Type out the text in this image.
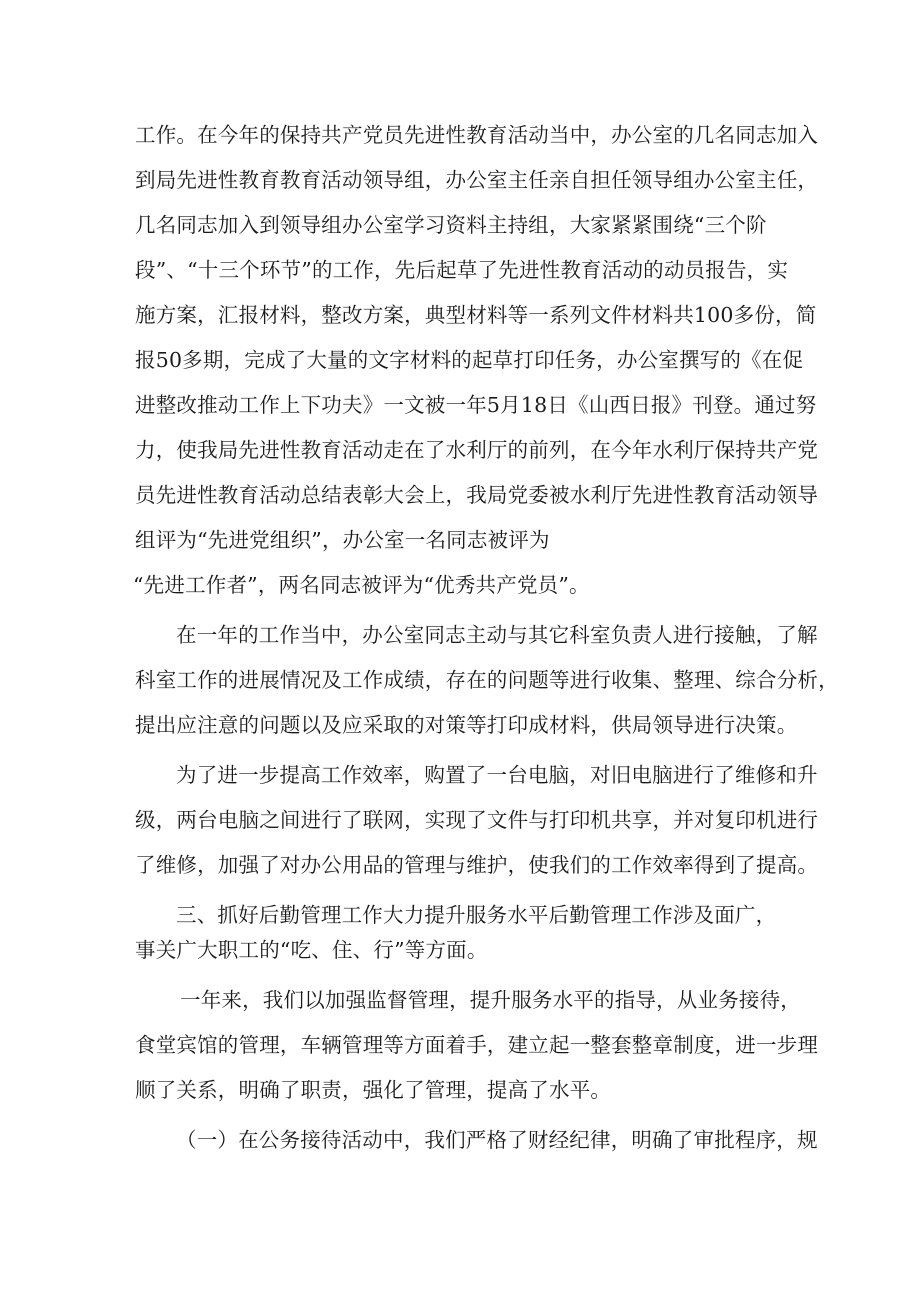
工作。在今年的保持共产党员先进性教育活动当中，办公室的几名同志加入
到局先进性教育教育活动领导组，办公室主任亲自担任领导组办公室主任，
几名同志加入到领导组办公室学习资料主持组，大家紧紧围绕“三个阶
段”、“十三个环节”的工作，先后起草了先进性教育活动的动员报告，实
施方案，汇报材料，整改方案，典型材料等一系列文件材料共100多份，简
报50多期，完成了大量的文字材料的起草打印任务，办公室撰写的《在促
进整改推动工作上下功夫》一文被一年5月18日《山西日报》刊登。通过努
力，使我局先进性教育活动走在了水利厅的前列，在今年水利厅保持共产党
员先进性教育活动总结表彰大会上，我局党委被水利厅先进性教育活动领导
组评为“先进党组织”，办公室一名同志被评为
“先进工作者”，两名同志被评为“优秀共产党员”。
在一年的工作当中，办公室同志主动与其它科室负责人进行接触，了解
科室工作的进展情况及工作成绩，存在的问题等进行收集、整理、综合分析，
提出应注意的问题以及应采取的对策等打印成材料，供局领导进行决策。
为了进一步提高工作效率，购置了一台电脑，对旧电脑进行了维修和升
级，两台电脑之间进行了联网，实现了文件与打印机共享，并对复印机进行
了维修，加强了对办公用品的管理与维护，使我们的工作效率得到了提高。
三、抓好后勤管理工作大力提升服务水平后勤管理工作涉及面广，
事关广大职工的“吃、住、行”等方面。
一年来，我们以加强监督管理，提升服务水平的指导，从业务接待，
食堂宾馆的管理，车辆管理等方面着手，建立起一整套整章制度，进一步理
顺了关系，明确了职责，强化了管理，提高了水平。
（一）在公务接待活动中，我们严格了财经纪律，明确了审批程序，规
